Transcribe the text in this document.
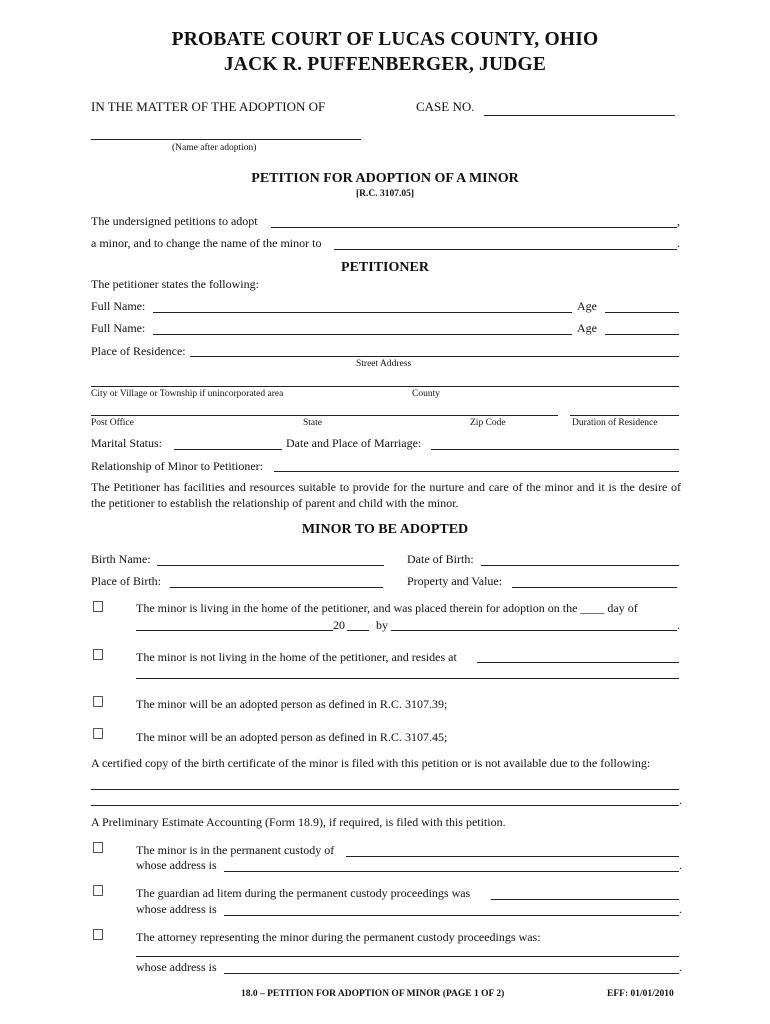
PROBATE COURT OF LUCAS COUNTY, OHIO
JACK R. PUFFENBERGER, JUDGE
IN THE MATTER OF THE ADOPTION OF	CASE NO.
(Name after adoption)
PETITION FOR ADOPTION OF A MINOR
[R.C. 3107.05]
The undersigned petitions to adopt	,
a minor, and to change the name of the minor to	.
PETITIONER
The petitioner states the following:
Full Name:	Age
Full Name:	Age
Place of Residence:
Street Address
City or Village or Township if unincorporated area	County
Post Office	State	Zip Code	Duration of Residence
Marital Status:	Date and Place of Marriage:
Relationship of Minor to Petitioner:
The Petitioner has facilities and resources suitable to provide for the nurture and care of the minor and it is the desire of the petitioner to establish the relationship of parent and child with the minor.
MINOR TO BE ADOPTED
Birth Name:	Date of Birth:
Place of Birth:	Property and Value:
The minor is living in the home of the petitioner, and was placed therein for adoption on the ____ day of
20	by	.
The minor is not living in the home of the petitioner, and resides at
The minor will be an adopted person as defined in R.C. 3107.39;
The minor will be an adopted person as defined in R.C. 3107.45;
A certified copy of the birth certificate of the minor is filed with this petition or is not available due to the following:
.
A Preliminary Estimate Accounting (Form 18.9), if required, is filed with this petition.
The minor is in the permanent custody of
whose address is	.
The guardian ad litem during the permanent custody proceedings was
whose address is	.
The attorney representing the minor during the permanent custody proceedings was:
whose address is	.
18.0 – PETITION FOR ADOPTION OF MINOR (PAGE 1 OF 2)	EFF: 01/01/2010
